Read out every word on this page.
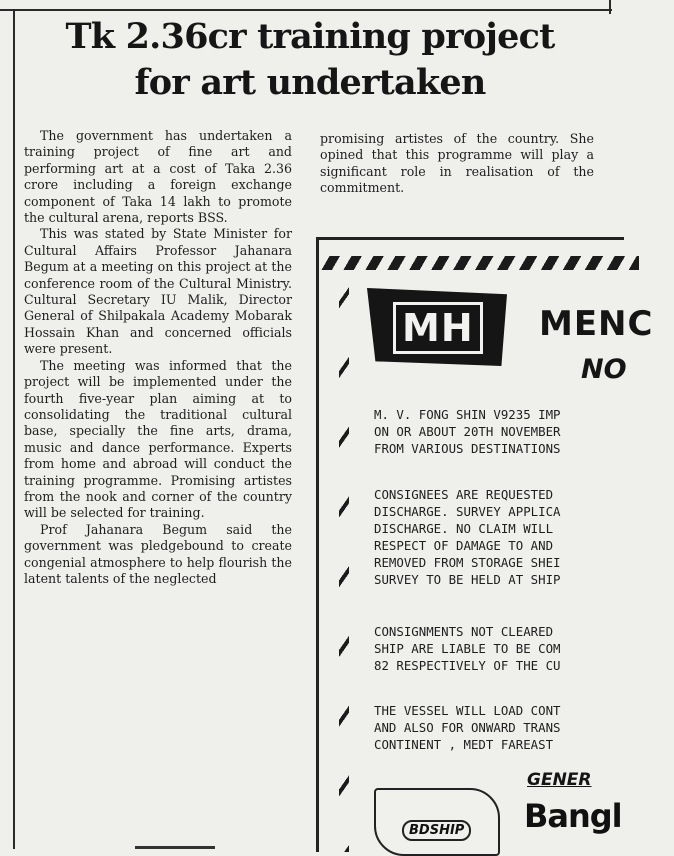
Tk 2.36cr training project
for art undertaken

The government has undertaken a training project of fine art and performing art at a cost of Taka 2.36 crore including a foreign exchange component of Taka 14 lakh to promote the cultural arena, reports BSS.

This was stated by State Minister for Cultural Affairs Professor Jahanara Begum at a meeting on this project at the conference room of the Cultural Ministry. Cultural Secretary IU Malik, Director General of Shilpakala Academy Mobarak Hossain Khan and concerned officials were present.

The meeting was informed that the project will be implemented under the fourth five-year plan aiming at to consolidating the traditional cultural base, specially the fine arts, drama, music and dance performance. Experts from home and abroad will conduct the training programme. Promising artistes from the nook and corner of the country will be selected for training.

Prof Jahanara Begum said the government was pledgebound to create congenial atmosphere to help flourish the latent talents of the neglected

promising artistes of the country. She opined that this programme will play a significant role in realisation of the commitment.

MH MENC
NO
M. V. FONG SHIN V9235 IMP
ON OR ABOUT 20TH NOVEMBER
FROM VARIOUS DESTINATIONS
CONSIGNEES ARE REQUESTED
DISCHARGE. SURVEY APPLICA
DISCHARGE. NO CLAIM WILL
RESPECT OF DAMAGE TO AND
REMOVED FROM STORAGE SHEI
SURVEY TO BE HELD AT SHIP
CONSIGNMENTS NOT CLEARED
SHIP ARE LIABLE TO BE COM
82 RESPECTIVELY OF THE CU
THE VESSEL WILL LOAD CONT
AND ALSO FOR ONWARD TRANS
CONTINENT , MEDT FAREAST
GENER
BDSHIP Bangl
